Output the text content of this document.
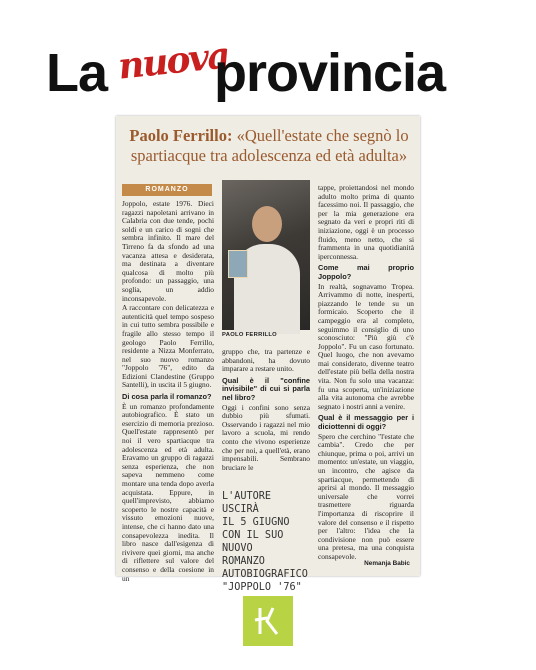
La nuova
provincia
Paolo Ferrillo: «Quell'estate che segnò lo spartiacque tra adolescenza ed età adulta»
ROMANZO

Joppolo, estate 1976. Dieci ragazzi napoletani arrivano in Calabria con due tende, pochi soldi e un carico di sogni che sembra infinito. Il mare del Tirreno fa da sfondo ad una vacanza attesa e desiderata, ma destinata a diventare qualcosa di molto più profondo: un passaggio, una soglia, un addio inconsapevole.

A raccontare con delicatezza e autenticità quel tempo sospeso in cui tutto sembra possibile e fragile allo stesso tempo il geologo Paolo Ferrillo, residente a Nizza Monferrato, nel suo nuovo romanzo "Joppolo '76", edito da Edizioni Clandestine (Gruppo Santelli), in uscita il 5 giugno.

Di cosa parla il romanzo?

È un romanzo profondamente autobiografico. È stato un esercizio di memoria prezioso. Quell'estate rappresentò per noi il vero spartiacque tra adolescenza ed età adulta. Eravamo un gruppo di ragazzi senza esperienza, che non sapeva nemmeno come montare una tenda dopo averla acquistata. Eppure, in quell'imprevisto, abbiamo scoperto le nostre capacità e vissuto emozioni nuove, intense, che ci hanno dato una consapevolezza inedita. Il libro nasce dall'esigenza di rivivere quei giorni, ma anche di riflettere sul valore del consenso e della coesione in un

PAOLO FERRILLO

gruppo che, tra partenze e abbandoni, ha dovuto imparare a restare unito.

Qual è il "confine invisibile" di cui si parla nel libro?

Oggi i confini sono senza dubbio più sfumati. Osservando i ragazzi nel mio lavoro a scuola, mi rendo conto che vivono esperienze che per noi, a quell'età, erano impensabili. Sembrano bruciare le

L'AUTORE
USCIRÀ
IL 5 GIUGNO
CON IL SUO NUOVO
ROMANZO
AUTOBIOGRAFICO
"JOPPOLO '76"

tappe, proiettandosi nel mondo adulto molto prima di quanto facessimo noi. Il passaggio, che per la mia generazione era segnato da veri e propri riti di iniziazione, oggi è un processo fluido, meno netto, che si frammenta in una quotidianità iperconnessa.

Come mai proprio Joppolo?

In realtà, sognavamo Tropea. Arrivammo di notte, inesperti, piazzando le tende su un formicaio. Scoperto che il campeggio era al completo, seguimmo il consiglio di uno sconosciuto: "Più giù c'è Joppolo". Fu un caso fortunato. Quel luogo, che non avevamo mai considerato, divenne teatro dell'estate più bella della nostra vita. Non fu solo una vacanza: fu una scoperta, un'iniziazione alla vita autonoma che avrebbe segnato i nostri anni a venire.

Qual è il messaggio per i diciottenni di oggi?

Spero che cerchino "l'estate che cambia". Credo che per chiunque, prima o poi, arrivi un momento: un'estate, un viaggio, un incontro, che agisce da spartiacque, permettendo di aprirsi al mondo. Il messaggio universale che vorrei trasmettere riguarda l'importanza di riscoprire il valore del consenso e il rispetto per l'altro: l'idea che la condivisione non può essere una pretesa, ma una conquista consapevole.

Nemanja Babic
